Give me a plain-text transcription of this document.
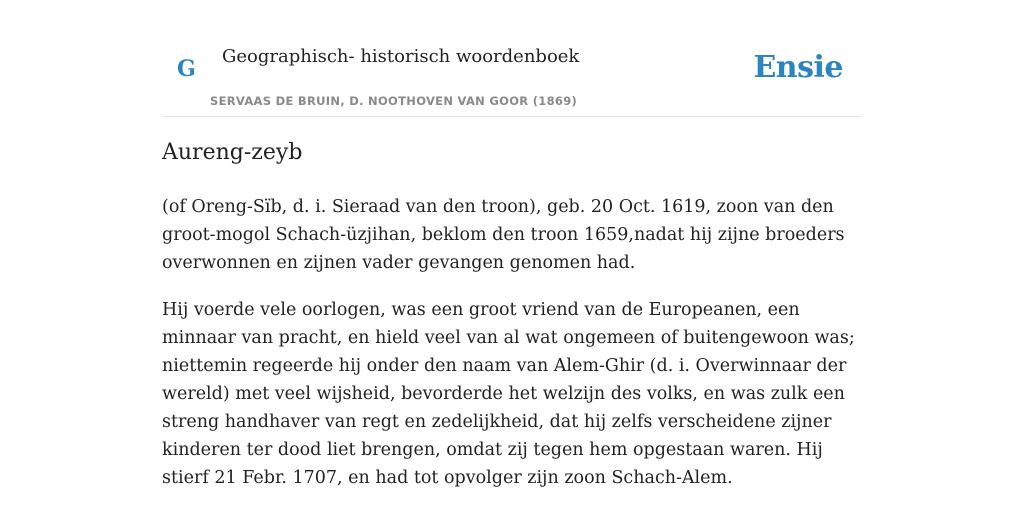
G Geographisch- historisch woordenboek
SERVAAS DE BRUIN, D. NOOTHOVEN VAN GOOR (1869)
Ensie
Aureng-zeyb

(of Oreng-Sïb, d. i. Sieraad van den troon), geb. 20 Oct. 1619, zoon van den groot-mogol Schach-üzjihan, beklom den troon 1659,nadat hij zijne broeders overwonnen en zijnen vader gevangen genomen had.

Hij voerde vele oorlogen, was een groot vriend van de Europeanen, een minnaar van pracht, en hield veel van al wat ongemeen of buitengewoon was; niettemin regeerde hij onder den naam van Alem-Ghir (d. i. Overwinnaar der wereld) met veel wijsheid, bevorderde het welzijn des volks, en was zulk een streng handhaver van regt en zedelijkheid, dat hij zelfs verscheidene zijner kinderen ter dood liet brengen, omdat zij tegen hem opgestaan waren. Hij stierf 21 Febr. 1707, en had tot opvolger zijn zoon Schach-Alem.
